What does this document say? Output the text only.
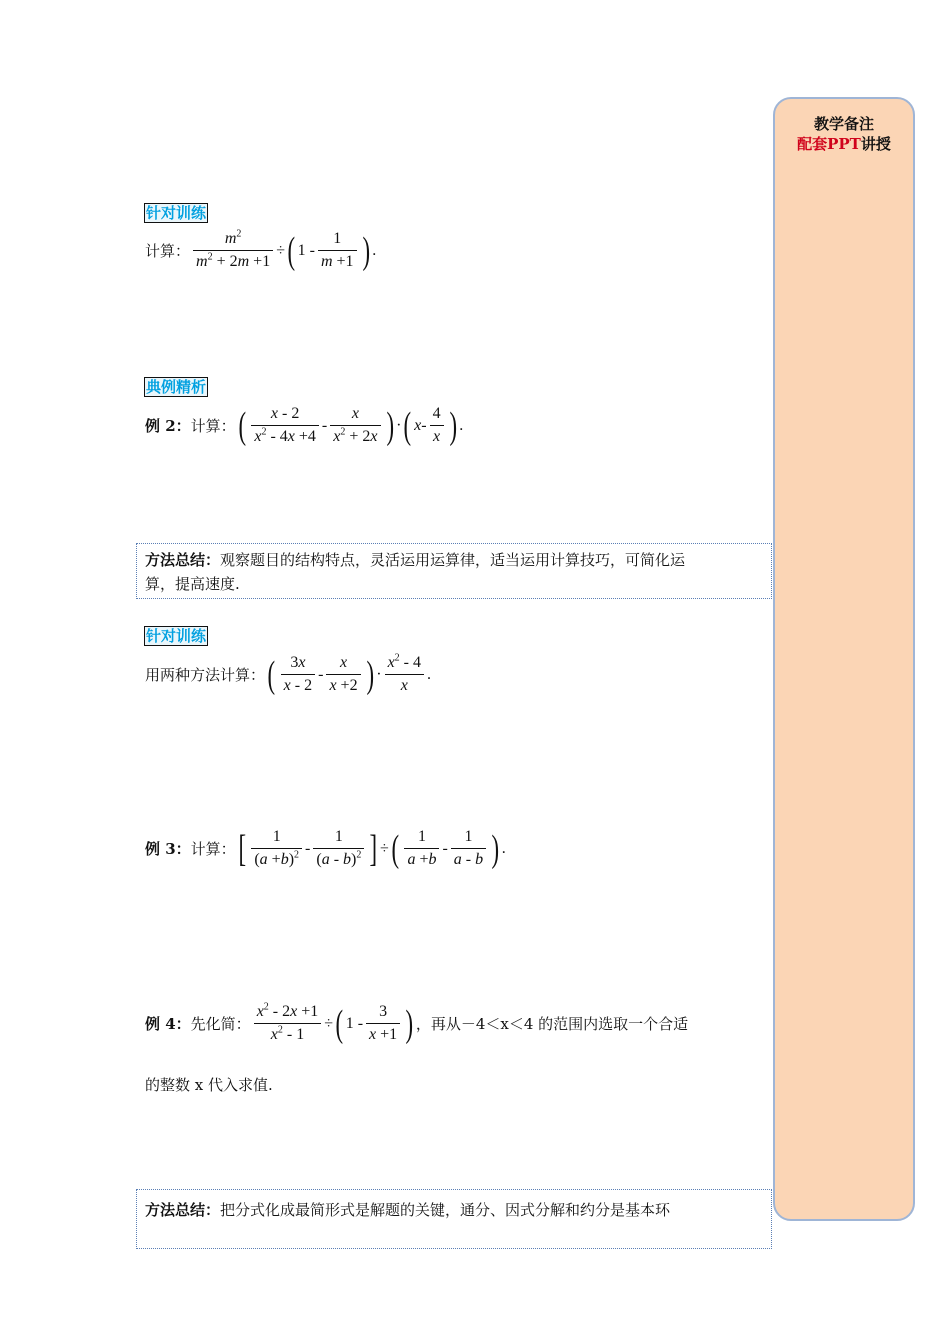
教学备注
配套PPT讲授
针对训练
计算： $\frac{m^2}{m^2 + 2m +1}$ ÷ ( $1 - \frac{1}{m +1}$ ) .
典例精析
例 2： 计算： ( $\frac{x - 2}{x^2 - 4x +4} - \frac{x}{x^2 + 2x}$ ) · ( x - $\frac{4}{x}$ ) .

方法总结：观察题目的结构特点，灵活运用运算律，适当运用计算技巧，可简化运

算，提高速度.

针对训练
用两种方法计算： ( $\frac{3x}{x - 2} - \frac{x}{x +2}$ ) · $\frac{x^2 - 4}{x}$ .
例 3： 计算： [ $\frac{1}{(a +b)^2} - \frac{1}{(a - b)^2}$ ] ÷ ( $\frac{1}{a +b} - \frac{1}{a - b}$ ) .
例 4： 先化简： $\frac{x^2 - 2x +1}{x^2 - 1}$ ÷ ( $1 - \frac{3}{x +1}$ ) ，再从－4＜x＜4 的范围内选取一个合适
的整数 x 代入求值.

方法总结：把分式化成最简形式是解题的关键，通分、因式分解和约分是基本环
